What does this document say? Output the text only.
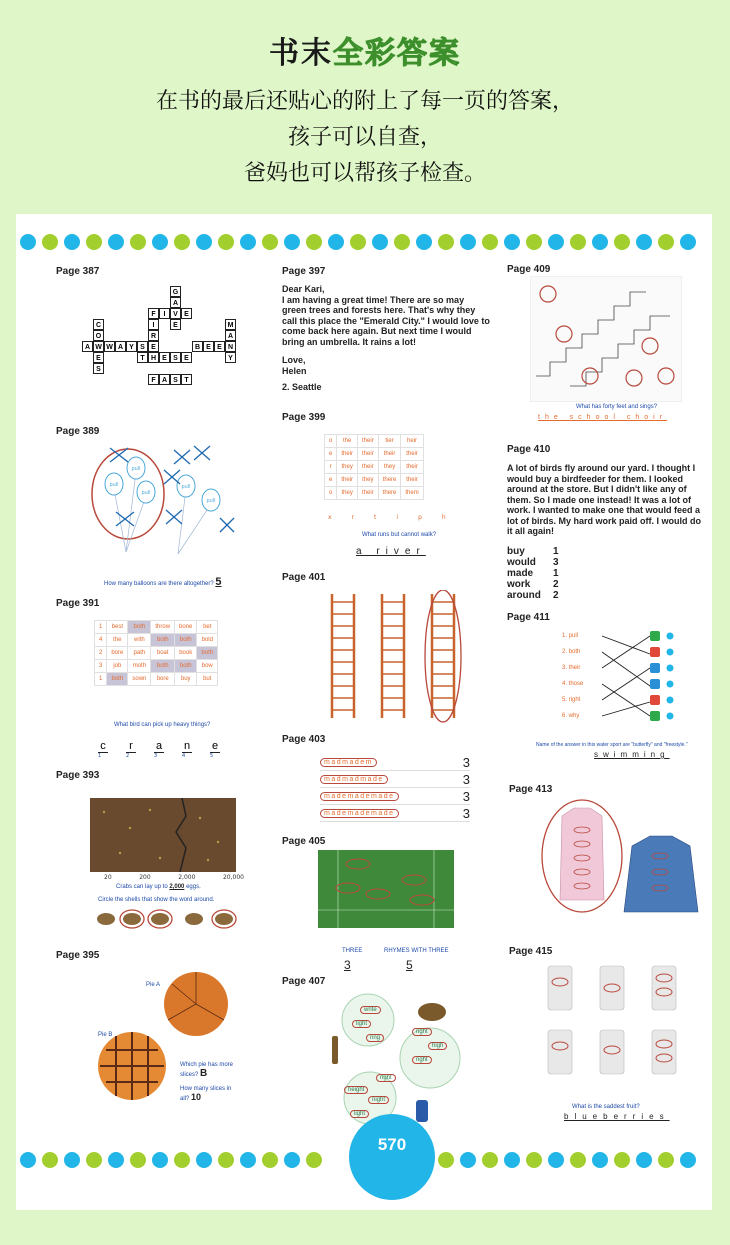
书末全彩答案
在书的最后还贴心的附上了每一页的答案，
孩子可以自查，
爸妈也可以帮孩子检查。
Page 387
G
A
V
E
F	I	E
I
R
E
C
O
W
A	W A Y S
T H E S E
B E E N
M
A
Y
E
S
F A S T
Page 389
pull
pull
pull
pull
pull
How many balloons are there altogether? 5
Page 391
1	best	both	throw	bone	bet
4	the	with	both	both	bold
2	bore	path	boat	book	both
3	job	moth	both	both	bow
1	both	sown	bore	buy	but
What bird can pick up heavy things?
c
1
r
2
a
3
n
4
e
5
Page 393
20	200	2,000	20,000
Crabs can lay up to 2,000 eggs.
Circle the shells that show the word around.
Page 395
Pie A
Pie B
Which pie has more slices? B
How many slices in all? 10
Page 397
Dear Kari,
I am having a great time! There are so may green trees and forests here. That's why they call this place the "Emerald City." I would love to come back here again. But next time I would bring an umbrella. It rains a lot!
Love,
Helen
2. Seattle
Page 399
o	the	their	tier	heir
e	their	their	their	their
r	they	their	they	their
e	their	they	there	their
o	they	their	there	them
x	r	t	i	p	h
What runs but cannot walk?
a river
Page 401
Page 403
madmadem	3
madmadmade	3
mademademade	3
mademademade	3
Page 405
THREE	RHYMES WITH THREE
3	5
Page 407
write
light
ring
right
high
right
height
night
light
right
Page 409
What has forty feet and sings?
the school choir
Page 410
A lot of birds fly around our yard. I thought I would buy a birdfeeder for them. I looked around at the store. But I didn't like any of them. So I made one instead! It was a lot of work. I wanted to make one that would feed a lot of birds. My hard work paid off. I would do it all again!
buy	1
would	3
made	1
work	2
around	2
Page 411
1. pull
2. both
3. their
4. those
5. right
6. why
Name of the answer in this water sport are "butterfly" and "freestyle."
swimming
Page 413
Page 415
What is the saddest fruit?
blueberries
570
